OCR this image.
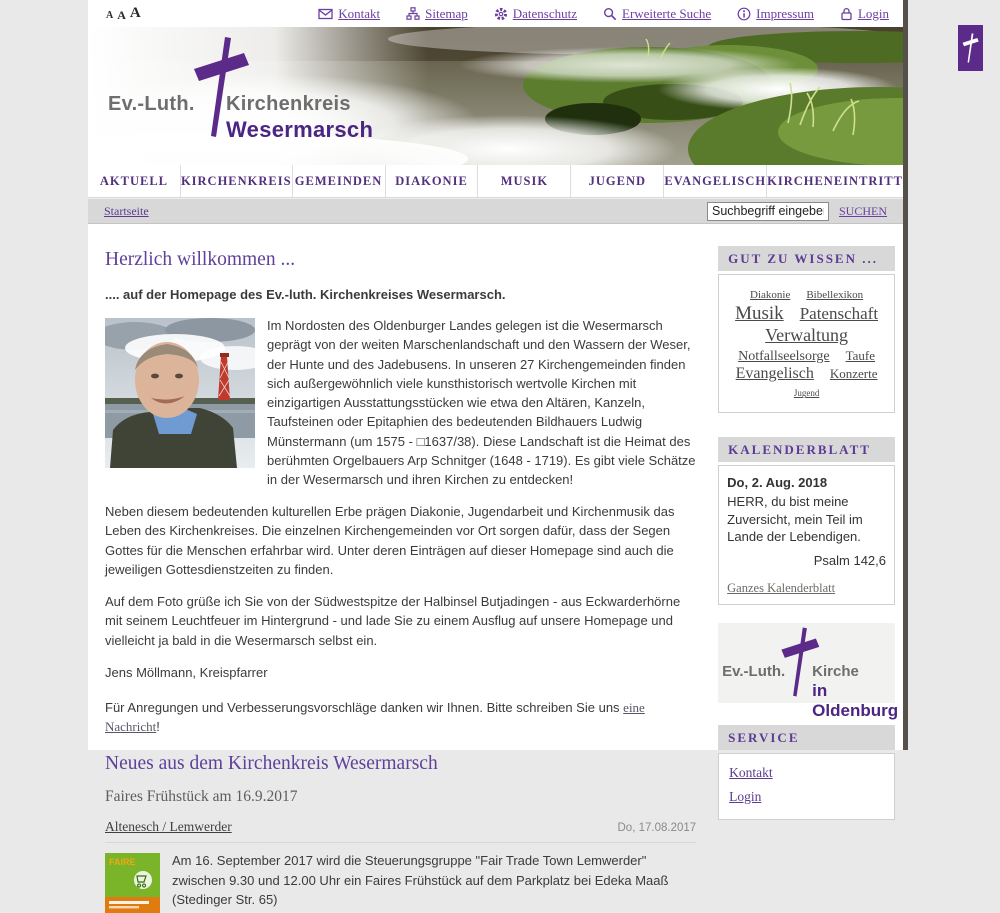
A A A	Kontakt	Sitemap	Datenschutz	Erweiterte Suche	Impressum	Login
Ev.-Luth. Kirchenkreis
Wesermarsch
AKTUELL	KIRCHENKREIS GEMEINDEN	DIAKONIE	MUSIK	JUGEND	EVANGELISCH KIRCHENEINTRITT
Startseite
Suchbegriff eingeben	SUCHEN
Herzlich willkommen ...
.... auf der Homepage des Ev.-luth. Kirchenkreises Wesermarsch.

Im Nordosten des Oldenburger Landes gelegen ist die Wesermarsch geprägt von der weiten Marschenlandschaft und den Wassern der Weser, der Hunte und des Jadebusens. In unseren 27 Kirchengemeinden finden sich außergewöhnlich viele kunsthistorisch wertvolle Kirchen mit einzigartigen Ausstattungsstücken wie etwa den Altären, Kanzeln, Taufsteinen oder Epitaphien des bedeutenden Bildhauers Ludwig Münstermann (um 1575 - □1637/38). Diese Landschaft ist die Heimat des berühmten Orgelbauers Arp Schnitger (1648 - 1719). Es gibt viele Schätze in der Wesermarsch und ihren Kirchen zu entdecken!

Neben diesem bedeutenden kulturellen Erbe prägen Diakonie, Jugendarbeit und Kirchenmusik das Leben des Kirchenkreises. Die einzelnen Kirchengemeinden vor Ort sorgen dafür, dass der Segen Gottes für die Menschen erfahrbar wird. Unter deren Einträgen auf dieser Homepage sind auch die jeweiligen Gottesdienstzeiten zu finden.

Auf dem Foto grüße ich Sie von der Südwestspitze der Halbinsel Butjadingen - aus Eckwarderhörne mit seinem Leuchtfeuer im Hintergrund - und lade Sie zu einem Ausflug auf unsere Homepage und vielleicht ja bald in die Wesermarsch selbst ein.

Jens Möllmann, Kreispfarrer

Für Anregungen und Verbesserungsvorschläge danken wir Ihnen. Bitte schreiben Sie uns eine Nachricht!

Neues aus dem Kirchenkreis Wesermarsch
Faires Frühstück am 16.9.2017
Altenesch / Lemwerder	Do, 17.08.2017
FAIRE	Am 16. September 2017 wird die Steuerungsgruppe "Fair Trade Town Lemwerder" zwischen 9.30 und 12.00 Uhr ein Faires Frühstück auf dem Parkplatz bei Edeka Maaß (Stedinger Str. 65)
GUT ZU WISSEN ...
Diakonie Bibellexikon Musik Patenschaft Verwaltung Notfallseelsorge Taufe Evangelisch Konzerte Jugend
KALENDERBLATT
Do, 2. Aug. 2018
HERR, du bist meine Zuversicht, mein Teil im Lande der Lebendigen.
Psalm 142,6
Ganzes Kalenderblatt
Ev.-Luth. Kirche
in Oldenburg
SERVICE
Kontakt
Login
